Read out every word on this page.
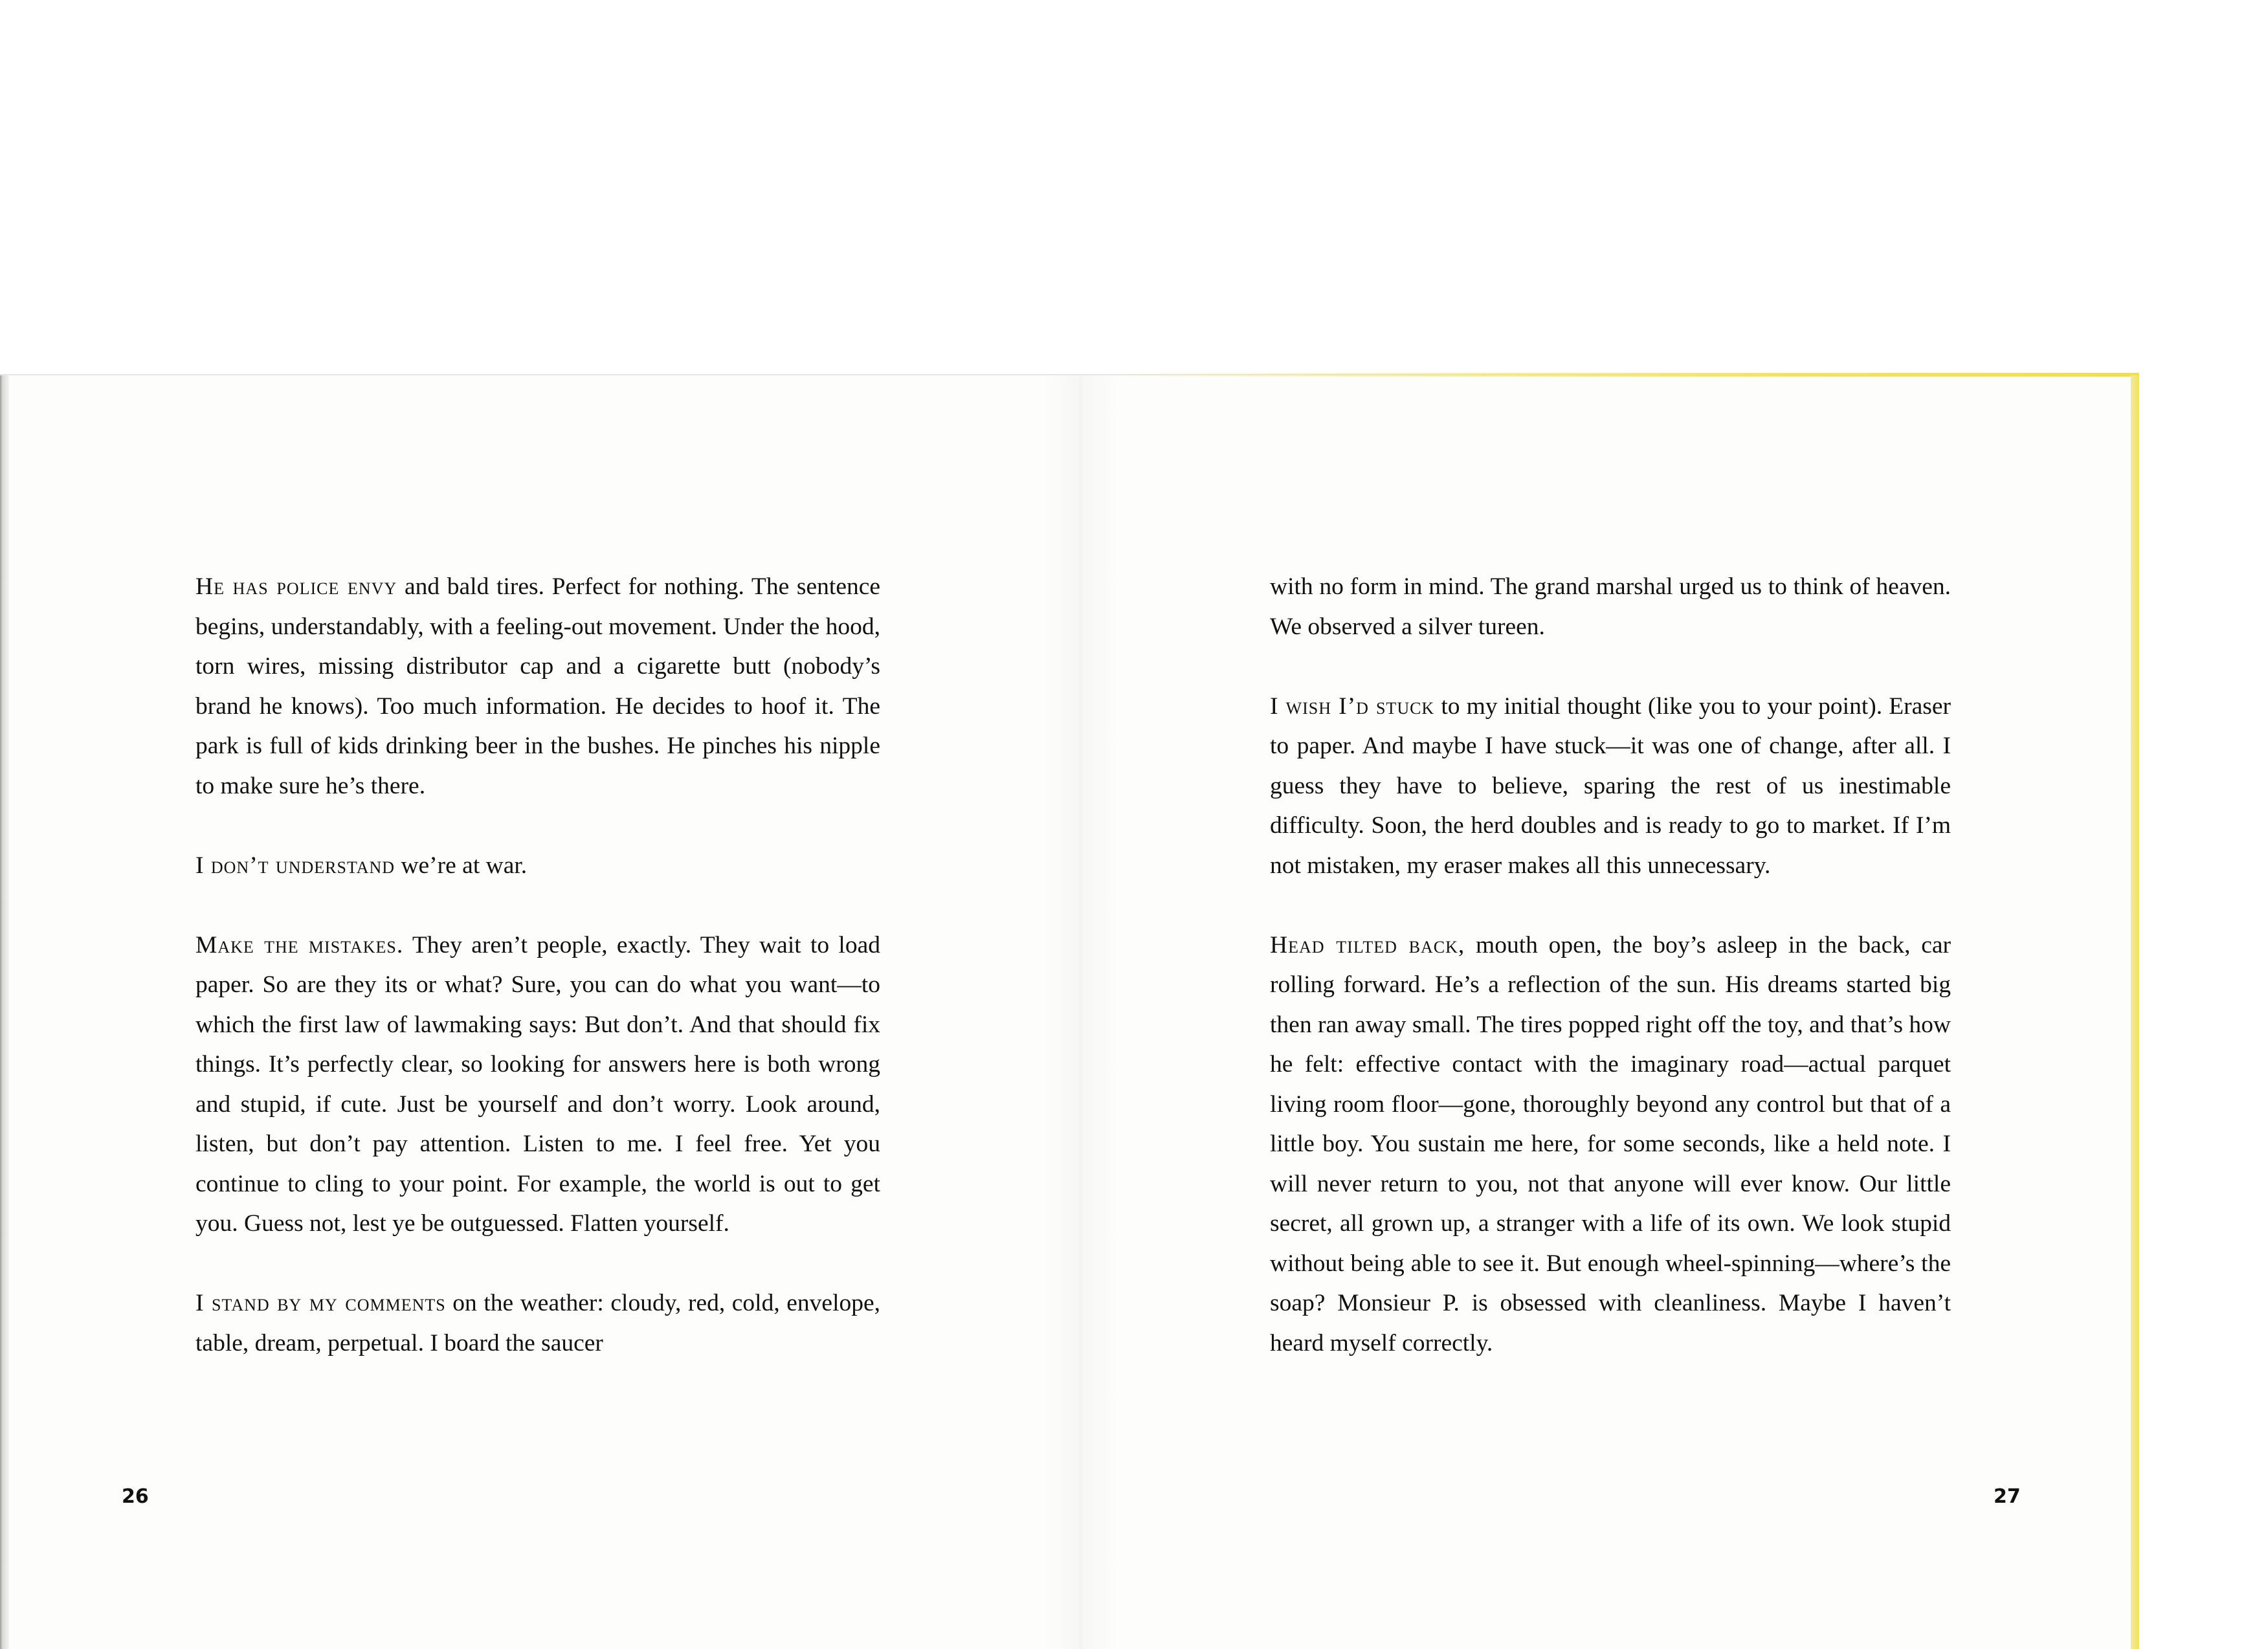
He has police envy and bald tires. Perfect for nothing. The sentence begins, understandably, with a feeling-out movement. Under the hood, torn wires, missing distributor cap and a cigarette butt (nobody’s brand he knows). Too much information. He decides to hoof it. The park is full of kids drinking beer in the bushes. He pinches his nipple to make sure he’s there.

I don’t understand we’re at war.

Make the mistakes. They aren’t people, exactly. They wait to load paper. So are they its or what? Sure, you can do what you want—to which the first law of lawmaking says: But don’t. And that should fix things. It’s perfectly clear, so looking for answers here is both wrong and stupid, if cute. Just be yourself and don’t worry. Look around, listen, but don’t pay attention. Listen to me. I feel free. Yet you continue to cling to your point. For example, the world is out to get you. Guess not, lest ye be outguessed. Flatten yourself.

I stand by my comments on the weather: cloudy, red, cold, envelope, table, dream, perpetual. I board the saucer

26

with no form in mind. The grand marshal urged us to think of heaven. We observed a silver tureen.

I wish I’d stuck to my initial thought (like you to your point). Eraser to paper. And maybe I have stuck—it was one of change, after all. I guess they have to believe, sparing the rest of us inestimable difficulty. Soon, the herd doubles and is ready to go to market. If I’m not mistaken, my eraser makes all this unnecessary.

Head tilted back, mouth open, the boy’s asleep in the back, car rolling forward. He’s a reflection of the sun. His dreams started big then ran away small. The tires popped right off the toy, and that’s how he felt: effective contact with the imaginary road—actual parquet living room floor—gone, thoroughly beyond any control but that of a little boy. You sustain me here, for some seconds, like a held note. I will never return to you, not that anyone will ever know. Our little secret, all grown up, a stranger with a life of its own. We look stupid without being able to see it. But enough wheel-spinning—where’s the soap? Monsieur P. is obsessed with cleanliness. Maybe I haven’t heard myself correctly.

27
